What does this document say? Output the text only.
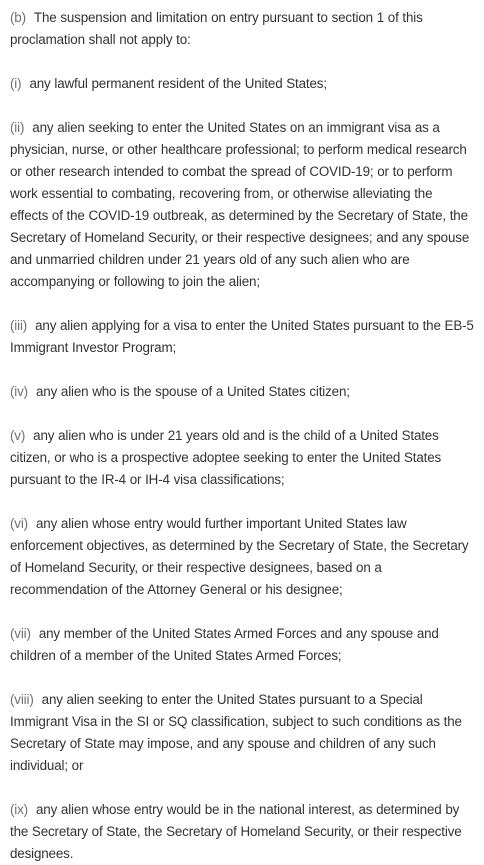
(b) The suspension and limitation on entry pursuant to section 1 of this proclamation shall not apply to:

(i) any lawful permanent resident of the United States;

(ii) any alien seeking to enter the United States on an immigrant visa as a physician, nurse, or other healthcare professional; to perform medical research or other research intended to combat the spread of COVID-19; or to perform work essential to combating, recovering from, or otherwise alleviating the effects of the COVID-19 outbreak, as determined by the Secretary of State, the Secretary of Homeland Security, or their respective designees; and any spouse and unmarried children under 21 years old of any such alien who are accompanying or following to join the alien;

(iii) any alien applying for a visa to enter the United States pursuant to the EB-5 Immigrant Investor Program;

(iv) any alien who is the spouse of a United States citizen;

(v) any alien who is under 21 years old and is the child of a United States citizen, or who is a prospective adoptee seeking to enter the United States pursuant to the IR-4 or IH-4 visa classifications;

(vi) any alien whose entry would further important United States law enforcement objectives, as determined by the Secretary of State, the Secretary of Homeland Security, or their respective designees, based on a recommendation of the Attorney General or his designee;

(vii) any member of the United States Armed Forces and any spouse and children of a member of the United States Armed Forces;

(viii) any alien seeking to enter the United States pursuant to a Special Immigrant Visa in the SI or SQ classification, subject to such conditions as the Secretary of State may impose, and any spouse and children of any such individual; or

(ix) any alien whose entry would be in the national interest, as determined by the Secretary of State, the Secretary of Homeland Security, or their respective designees.
